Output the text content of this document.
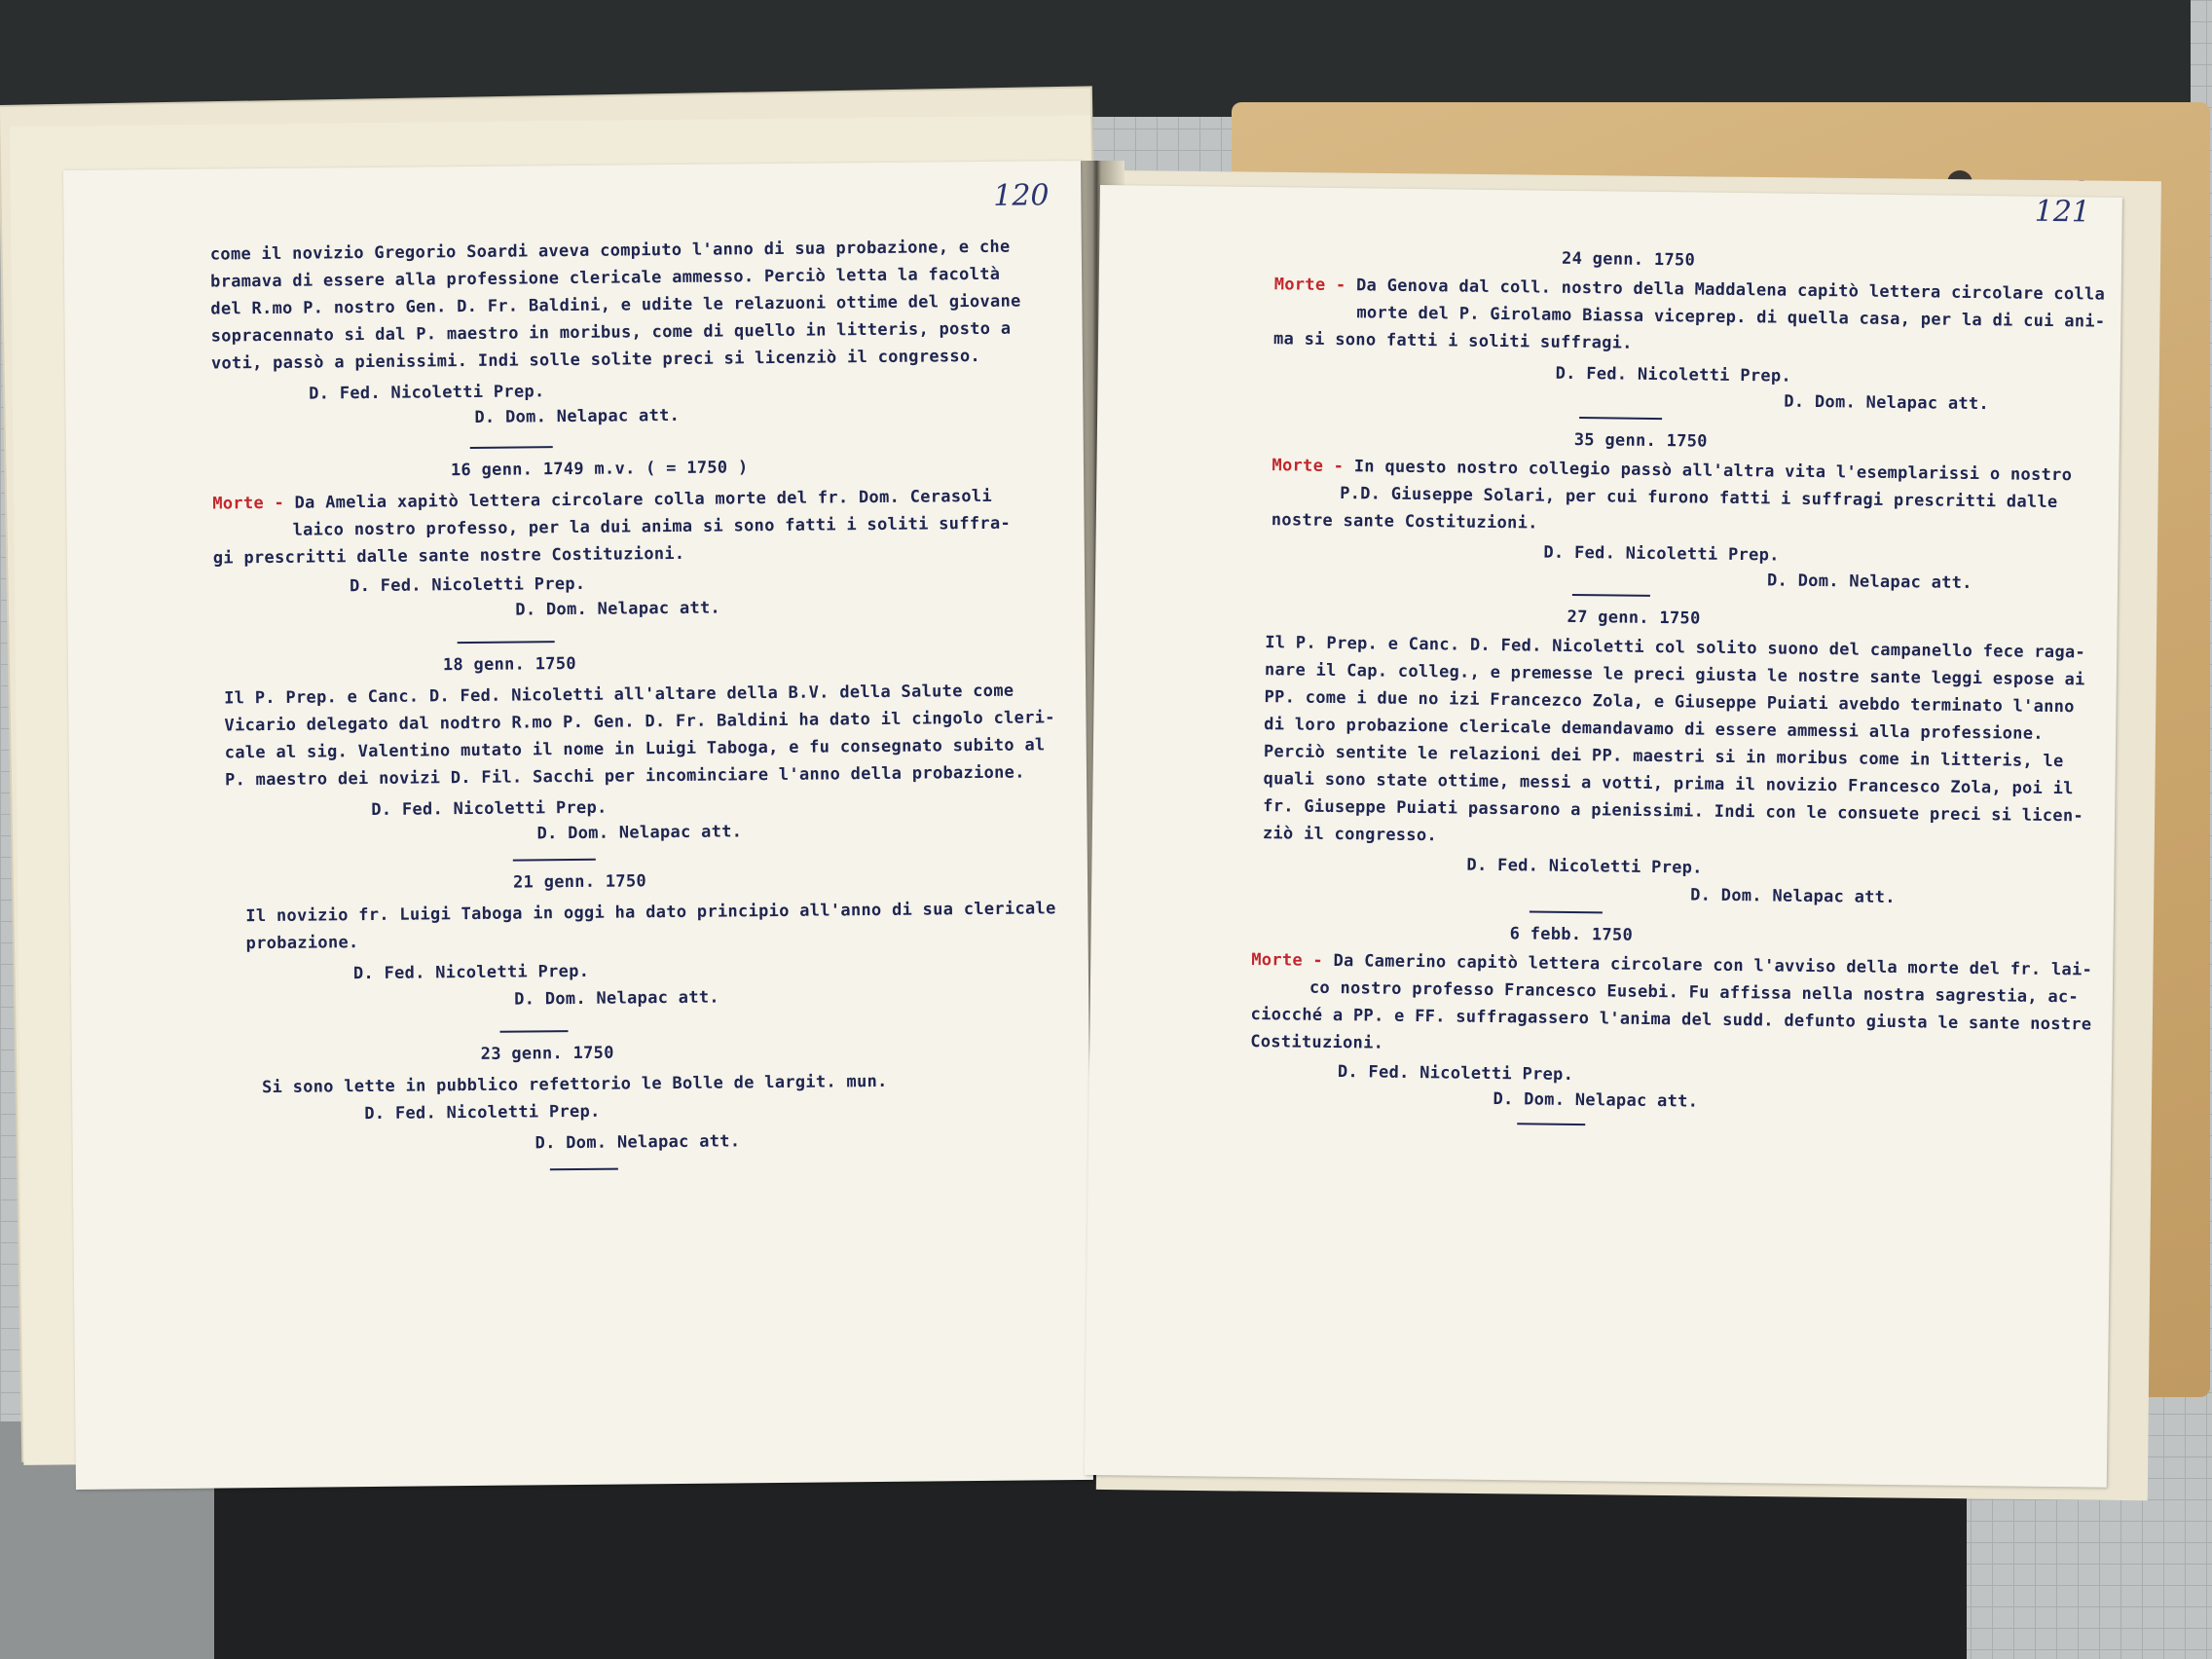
120
come il novizio Gregorio Soardi aveva compiuto l'anno di sua probazione, e che
bramava di essere alla professione clericale ammesso. Perciò letta la facoltà
del R.mo P. nostro Gen. D. Fr. Baldini, e udite le relazuoni ottime del giovane
sopracennato si dal P. maestro in moribus, come di quello in litteris, posto a
voti, passò a pienissimi. Indi solle solite preci si licenziò il congresso.
D. Fed. Nicoletti Prep.
D. Dom. Nelapac att.
16 genn. 1749 m.v. ( = 1750 )
Morte - Da Amelia xapitò lettera circolare colla morte del fr. Dom. Cerasoli
laico nostro professo, per la dui anima si sono fatti i soliti suffra-
gi prescritti dalle sante nostre Costituzioni.
D. Fed. Nicoletti Prep.
D. Dom. Nelapac att.
18 genn. 1750
Il P. Prep. e Canc. D. Fed. Nicoletti all'altare della B.V. della Salute come
Vicario delegato dal nodtro R.mo P. Gen. D. Fr. Baldini ha dato il cingolo cleri-
cale al sig. Valentino mutato il nome in Luigi Taboga, e fu consegnato subito al
P. maestro dei novizi D. Fil. Sacchi per incominciare l'anno della probazione.
D. Fed. Nicoletti Prep.
D. Dom. Nelapac att.
21 genn. 1750
Il novizio fr. Luigi Taboga in oggi ha dato principio all'anno di sua clericale
probazione.
D. Fed. Nicoletti Prep.
D. Dom. Nelapac att.
23 genn. 1750
Si sono lette in pubblico refettorio le Bolle de largit. mun.
D. Fed. Nicoletti Prep.
D. Dom. Nelapac att.
121
24 genn. 1750
Morte - Da Genova dal coll. nostro della Maddalena capitò lettera circolare colla
morte del P. Girolamo Biassa viceprep. di quella casa, per la di cui ani-
ma si sono fatti i soliti suffragi.
D. Fed. Nicoletti Prep.
D. Dom. Nelapac att.
35 genn. 1750
Morte - In questo nostro collegio passò all'altra vita l'esemplarissi o nostro
P.D. Giuseppe Solari, per cui furono fatti i suffragi prescritti dalle
nostre sante Costituzioni.
D. Fed. Nicoletti Prep.
D. Dom. Nelapac att.
27 genn. 1750
Il P. Prep. e Canc. D. Fed. Nicoletti col solito suono del campanello fece raga-
nare il Cap. colleg., e premesse le preci giusta le nostre sante leggi espose ai
PP. come i due no izi Francezco Zola, e Giuseppe Puiati avebdo terminato l'anno
di loro probazione clericale demandavamo di essere ammessi alla professione.
Perciò sentite le relazioni dei PP. maestri si in moribus come in litteris, le
quali sono state ottime, messi a votti, prima il novizio Francesco Zola, poi il
fr. Giuseppe Puiati passarono a pienissimi. Indi con le consuete preci si licen-
ziò il congresso.
D. Fed. Nicoletti Prep.
D. Dom. Nelapac att.
6 febb. 1750
Morte - Da Camerino capitò lettera circolare con l'avviso della morte del fr. lai-
co nostro professo Francesco Eusebi. Fu affissa nella nostra sagrestia, ac-
ciocché a PP. e FF. suffragassero l'anima del sudd. defunto giusta le sante nostre
Costituzioni.
D. Fed. Nicoletti Prep.
D. Dom. Nelapac att.
